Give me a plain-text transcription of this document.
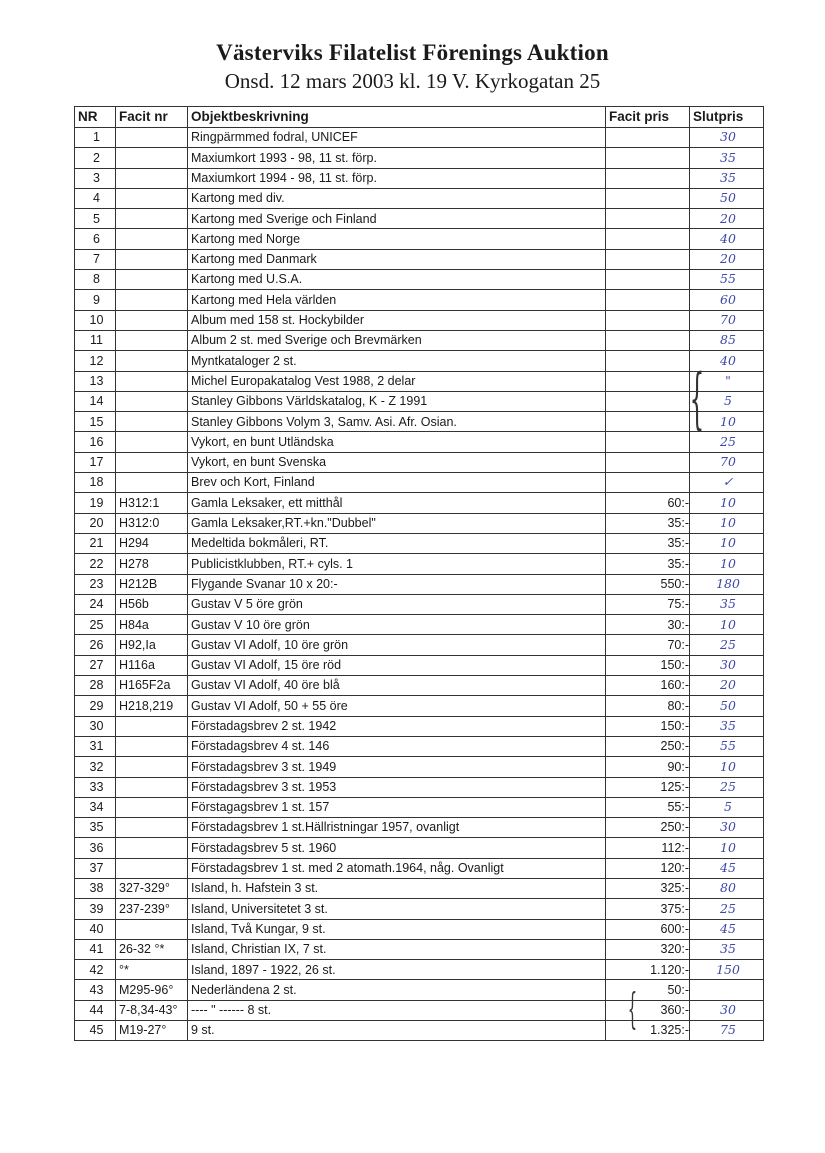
Västerviks Filatelist Förenings Auktion
Onsd. 12 mars 2003 kl. 19 V. Kyrkogatan 25
NR	Facit nr	Objektbeskrivning	Facit pris	Slutpris
1		Ringpärmmed fodral, UNICEF		30
2		Maxiumkort 1993 - 98, 11 st. förp.		35
3		Maxiumkort 1994 - 98, 11 st. förp.		35
4		Kartong med div.		50
5		Kartong med Sverige och Finland		20
6		Kartong med Norge		40
7		Kartong med Danmark		20
8		Kartong med U.S.A.		55
9		Kartong med Hela världen		60
10		Album med 158 st. Hockybilder		70
11		Album 2 st. med Sverige och Brevmärken		85
12		Myntkataloger 2 st.		40
13		Michel Europakatalog Vest 1988, 2 delar		"
14		Stanley Gibbons Världskatalog, K - Z 1991		5
15		Stanley Gibbons Volym 3, Samv. Asi. Afr. Osian.		10
16		Vykort, en bunt Utländska		25
17		Vykort, en bunt Svenska		70
18		Brev och Kort, Finland		✓
19	H312:1	Gamla Leksaker, ett mitthål	60:-	10
20	H312:0	Gamla Leksaker,RT.+kn."Dubbel"	35:-	10
21	H294	Medeltida bokmåleri, RT.	35:-	10
22	H278	Publicistklubben, RT.+ cyls. 1	35:-	10
23	H212B	Flygande Svanar 10 x 20:-	550:-	180
24	H56b	Gustav V 5 öre grön	75:-	35
25	H84a	Gustav V 10 öre grön	30:-	10
26	H92,Ia	Gustav VI Adolf, 10 öre grön	70:-	25
27	H116a	Gustav VI Adolf, 15 öre röd	150:-	30
28	H165F2a	Gustav VI Adolf, 40 öre blå	160:-	20
29	H218,219	Gustav VI Adolf, 50 + 55 öre	80:-	50
30		Förstadagsbrev 2 st. 1942	150:-	35
31		Förstadagsbrev 4 st. 146	250:-	55
32		Förstadagsbrev 3 st. 1949	90:-	10
33		Förstadagsbrev 3 st. 1953	125:-	25
34		Förstagagsbrev 1 st. 157	55:-	5
35		Förstadagsbrev 1 st.Hällristningar 1957, ovanligt	250:-	30
36		Förstadagsbrev 5 st. 1960	112:-	10
37		Förstadagsbrev 1 st. med 2 atomath.1964, någ. Ovanligt	120:-	45
38	327-329°	Island, h. Hafstein 3 st.	325:-	80
39	237-239°	Island, Universitetet 3 st.	375:-	25
40		Island, Två Kungar, 9 st.	600:-	45
41	26-32 °*	Island, Christian IX, 7 st.	320:-	35
42	°*	Island, 1897 - 1922, 26 st.	1.120:-	150
43	M295-96°	Nederländena 2 st.	50:-	
44	7-8,34-43°	---- " ------ 8 st.	360:-	30
45	M19-27°	9 st.	1.325:-	75
{
{
